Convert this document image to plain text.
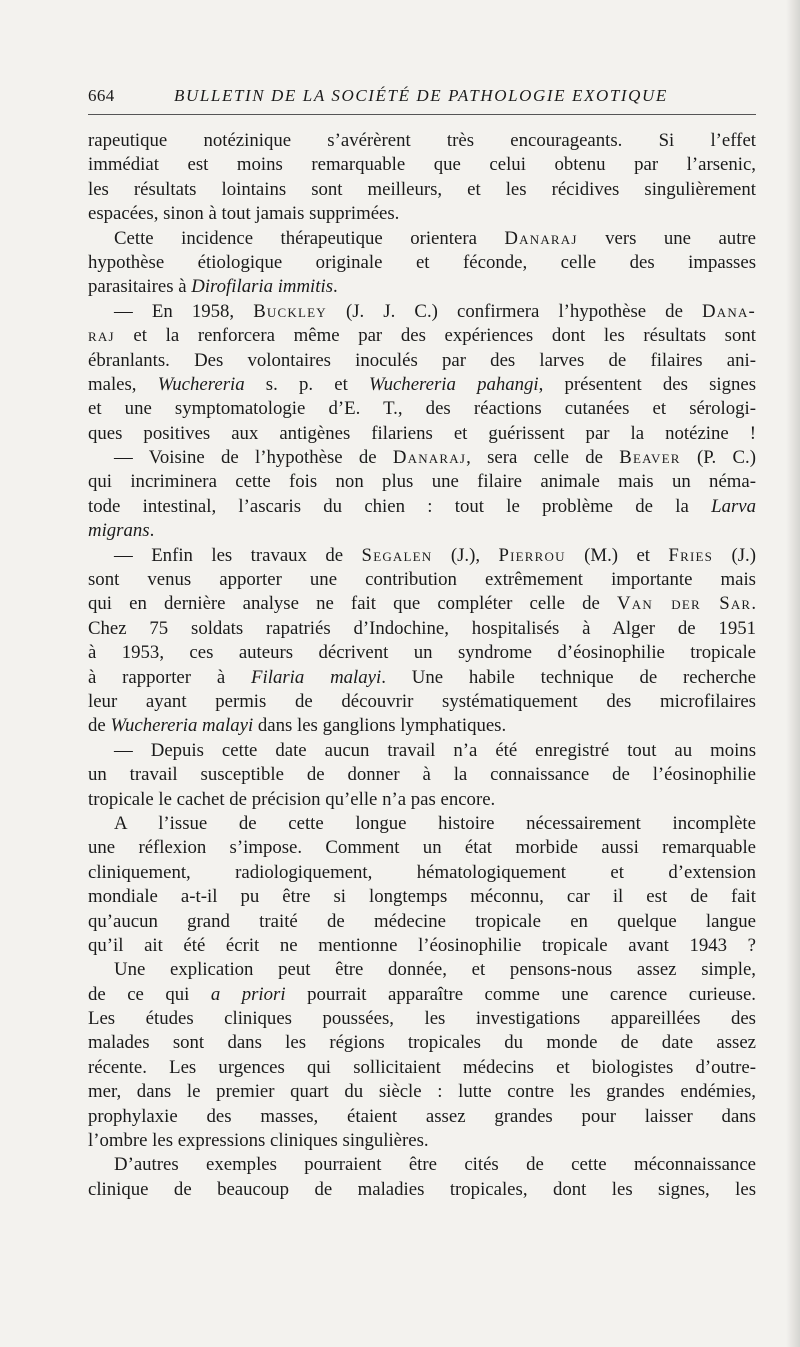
664	BULLETIN DE LA SOCIÉTÉ DE PATHOLOGIE EXOTIQUE
rapeutique notézinique s’avérèrent très encourageants. Si l’effet
immédiat est moins remarquable que celui obtenu par l’arsenic,
les résultats lointains sont meilleurs, et les récidives singulièrement
espacées, sinon à tout jamais supprimées.
Cette incidence thérapeutique orientera Danaraj vers une autre
hypothèse étiologique originale et féconde, celle des impasses
parasitaires à Dirofilaria immitis.
— En 1958, Buckley (J. J. C.) confirmera l’hypothèse de Dana-
raj et la renforcera même par des expériences dont les résultats sont
ébranlants. Des volontaires inoculés par des larves de filaires ani-
males, Wuchereria s. p. et Wuchereria pahangi, présentent des signes
et une symptomatologie d’E. T., des réactions cutanées et sérologi-
ques positives aux antigènes filariens et guérissent par la notézine !
— Voisine de l’hypothèse de Danaraj, sera celle de Beaver (P. C.)
qui incriminera cette fois non plus une filaire animale mais un néma-
tode intestinal, l’ascaris du chien : tout le problème de la Larva
migrans.
— Enfin les travaux de Segalen (J.), Pierrou (M.) et Fries (J.)
sont venus apporter une contribution extrêmement importante mais
qui en dernière analyse ne fait que compléter celle de Van der Sar.
Chez 75 soldats rapatriés d’Indochine, hospitalisés à Alger de 1951
à 1953, ces auteurs décrivent un syndrome d’éosinophilie tropicale
à rapporter à Filaria malayi. Une habile technique de recherche
leur ayant permis de découvrir systématiquement des microfilaires
de Wuchereria malayi dans les ganglions lymphatiques.
— Depuis cette date aucun travail n’a été enregistré tout au moins
un travail susceptible de donner à la connaissance de l’éosinophilie
tropicale le cachet de précision qu’elle n’a pas encore.
A l’issue de cette longue histoire nécessairement incomplète
une réflexion s’impose. Comment un état morbide aussi remarquable
cliniquement, radiologiquement, hématologiquement et d’extension
mondiale a-t-il pu être si longtemps méconnu, car il est de fait
qu’aucun grand traité de médecine tropicale en quelque langue
qu’il ait été écrit ne mentionne l’éosinophilie tropicale avant 1943 ?
Une explication peut être donnée, et pensons-nous assez simple,
de ce qui a priori pourrait apparaître comme une carence curieuse.
Les études cliniques poussées, les investigations appareillées des
malades sont dans les régions tropicales du monde de date assez
récente. Les urgences qui sollicitaient médecins et biologistes d’outre-
mer, dans le premier quart du siècle : lutte contre les grandes endémies,
prophylaxie des masses, étaient assez grandes pour laisser dans
l’ombre les expressions cliniques singulières.
D’autres exemples pourraient être cités de cette méconnaissance
clinique de beaucoup de maladies tropicales, dont les signes, les
